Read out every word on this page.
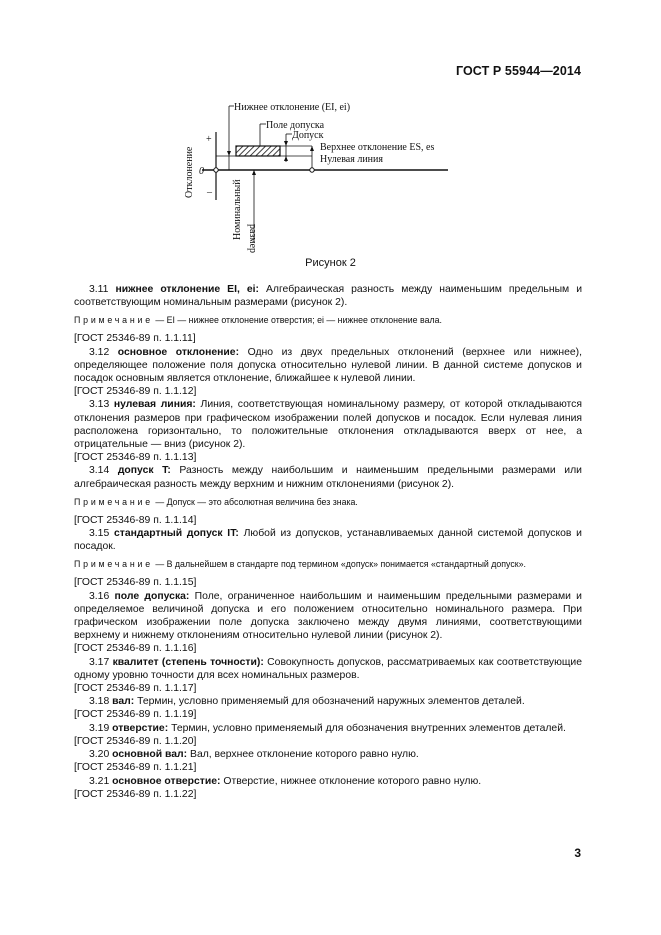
ГОСТ Р 55944—2014
Нижнее отклонение (EI, ei)
Поле допуска
Допуск
Верхнее отклонение ES, es
Нулевая линия
+
0
–
Отклонение
Номинальный размер
Рисунок 2

3.11 нижнее отклонение EI, ei: Алгебраическая разность между наименьшим предельным и соответствующим номинальным размерами (рисунок 2).

Примечание — EI — нижнее отклонение отверстия; ei — нижнее отклонение вала.

[ГОСТ 25346-89 п. 1.1.11]

3.12 основное отклонение: Одно из двух предельных отклонений (верхнее или нижнее), определяющее положение поля допуска относительно нулевой линии. В данной системе допусков и посадок основным является отклонение, ближайшее к нулевой линии.

[ГОСТ 25346-89 п. 1.1.12]

3.13 нулевая линия: Линия, соответствующая номинальному размеру, от которой откладываются отклонения размеров при графическом изображении полей допусков и посадок. Если нулевая линия расположена горизонтально, то положительные отклонения откладываются вверх от нее, а отрицательные — вниз (рисунок 2).

[ГОСТ 25346-89 п. 1.1.13]

3.14 допуск T: Разность между наибольшим и наименьшим предельными размерами или алгебраическая разность между верхним и нижним отклонениями (рисунок 2).

Примечание — Допуск — это абсолютная величина без знака.

[ГОСТ 25346-89 п. 1.1.14]

3.15 стандартный допуск IT: Любой из допусков, устанавливаемых данной системой допусков и посадок.

Примечание — В дальнейшем в стандарте под термином «допуск» понимается «стандартный допуск».

[ГОСТ 25346-89 п. 1.1.15]

3.16 поле допуска: Поле, ограниченное наибольшим и наименьшим предельными размерами и определяемое величиной допуска и его положением относительно номинального размера. При графическом изображении поле допуска заключено между двумя линиями, соответствующими верхнему и нижнему отклонениям относительно нулевой линии (рисунок 2).

[ГОСТ 25346-89 п. 1.1.16]

3.17 квалитет (степень точности): Совокупность допусков, рассматриваемых как соответствующие одному уровню точности для всех номинальных размеров.

[ГОСТ 25346-89 п. 1.1.17]

3.18 вал: Термин, условно применяемый для обозначений наружных элементов деталей.

[ГОСТ 25346-89 п. 1.1.19]

3.19 отверстие: Термин, условно применяемый для обозначения внутренних элементов деталей.

[ГОСТ 25346-89 п. 1.1.20]

3.20 основной вал: Вал, верхнее отклонение которого равно нулю.

[ГОСТ 25346-89 п. 1.1.21]

3.21 основное отверстие: Отверстие, нижнее отклонение которого равно нулю.

[ГОСТ 25346-89 п. 1.1.22]

3
